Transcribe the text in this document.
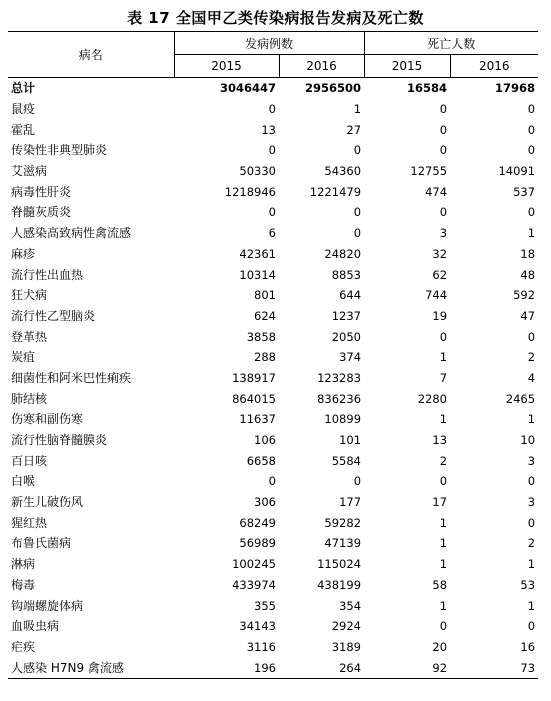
表 17 全国甲乙类传染病报告发病及死亡数
病名	发病例数		死亡人数	
	2015	2016	2015	2016
总计	3046447	2956500	16584	17968
鼠疫	0	1	0	0
霍乱	13	27	0	0
传染性非典型肺炎	0	0	0	0
艾滋病	50330	54360	12755	14091
病毒性肝炎	1218946	1221479	474	537
脊髓灰质炎	0	0	0	0
人感染高致病性禽流感	6	0	3	1
麻疹	42361	24820	32	18
流行性出血热	10314	8853	62	48
狂犬病	801	644	744	592
流行性乙型脑炎	624	1237	19	47
登革热	3858	2050	0	0
炭疽	288	374	1	2
细菌性和阿米巴性痢疾	138917	123283	7	4
肺结核	864015	836236	2280	2465
伤寒和副伤寒	11637	10899	1	1
流行性脑脊髓膜炎	106	101	13	10
百日咳	6658	5584	2	3
白喉	0	0	0	0
新生儿破伤风	306	177	17	3
猩红热	68249	59282	1	0
布鲁氏菌病	56989	47139	1	2
淋病	100245	115024	1	1
梅毒	433974	438199	58	53
钩端螺旋体病	355	354	1	1
血吸虫病	34143	2924	0	0
疟疾	3116	3189	20	16
人感染 H7N9 禽流感	196	264	92	73
